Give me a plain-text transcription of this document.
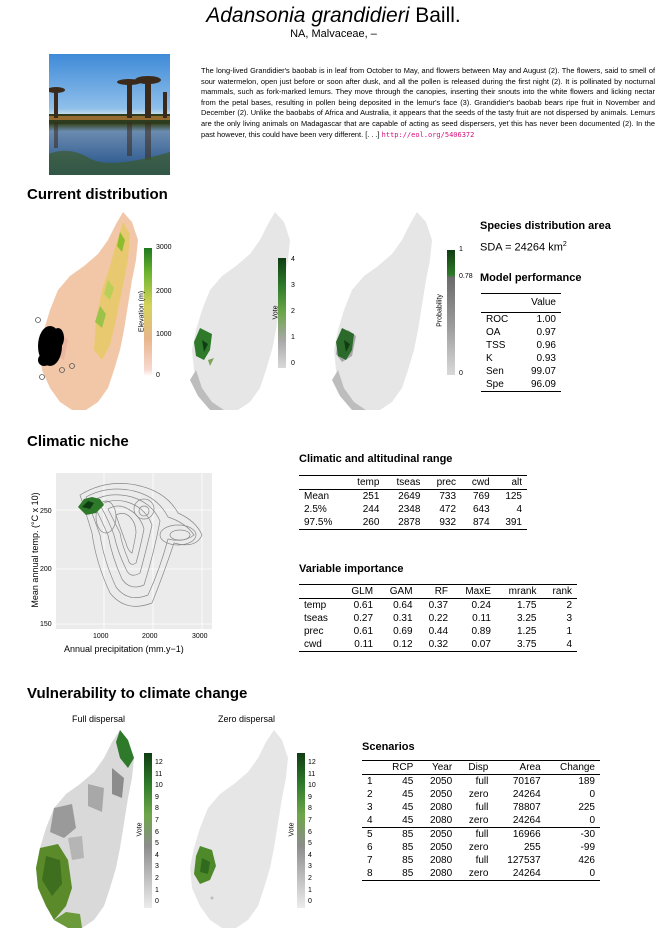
Adansonia grandidieri Baill.
NA, Malvaceae, –
The long-lived Grandidier's baobab is in leaf from October to May, and flowers between May and August (2). The flowers, said to smell of sour watermelon, open just before or soon after dusk, and all the pollen is released during the first night (2). It is pollinated by nocturnal mammals, such as fork-marked lemurs. They move through the canopies, inserting their snouts into the white flowers and licking nectar from the petal bases, resulting in pollen being deposited in the lemur's face (3). Grandidier's baobab bears ripe fruit in November and December (2). Unlike the baobabs of Africa and Australia, it appears that the seeds of the tasty fruit are not dispersed by animals. Lemurs are the only living animals on Madagascar that are capable of acting as seed dispersers, yet this has never been documented (2). In the past however, this could have been very different. [. . .] http://eol.org/5406372
Current distribution
3000
2000
1000
0
Elevation (m)
4
3
2
1
0
Vote
1
0.78
0
Probability
Species distribution area
SDA = 24264 $km^2$
Model performance
	Value
ROC	1.00
OA	0.97
TSS	0.96
K	0.93
Sen	99.07
Spe	96.09
Climatic niche
250
200
150
1000	2000	3000
Annual precipitation (mm.y−1)
Mean annual temp. (°C x 10)
Climatic and altitudinal range
	temp	tseas	prec	cwd	alt
Mean	251	2649	733	769	125
2.5%	244	2348	472	643	4
97.5%	260	2878	932	874	391
Variable importance
	GLM	GAM	RF	MaxE	mrank	rank
temp	0.61	0.64	0.37	0.24	1.75	2
tseas	0.27	0.31	0.22	0.11	3.25	3
prec	0.61	0.69	0.44	0.89	1.25	1
cwd	0.11	0.12	0.32	0.07	3.75	4
Vulnerability to climate change
Full dispersal	Zero dispersal
12
11
10
9
8
7
6
5
4
3
2
1
0
Vote
12
11
10
9
8
7
6
5
4
3
2
1
0
Vote
Scenarios
	RCP	Year	Disp	Area	Change
1	45	2050	full	70167	189
2	45	2050	zero	24264	0
3	45	2080	full	78807	225
4	45	2080	zero	24264	0
5	85	2050	full	16966	-30
6	85	2050	zero	255	-99
7	85	2080	full	127537	426
8	85	2080	zero	24264	0
